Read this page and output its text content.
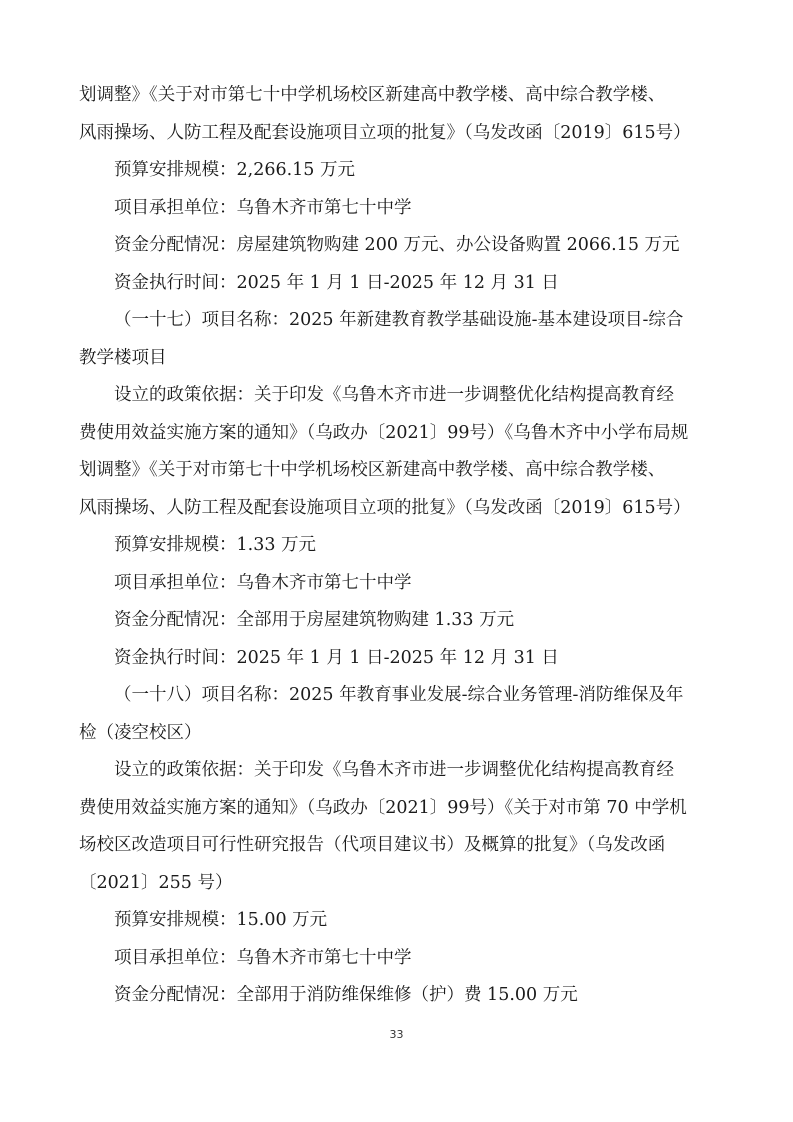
划调整》《关于对市第七十中学机场校区新建高中教学楼、高中综合教学楼、
风雨操场、人防工程及配套设施项目立项的批复》（乌发改函〔2019〕615号）
预算安排规模：2,266.15 万元
项目承担单位：乌鲁木齐市第七十中学
资金分配情况：房屋建筑物购建 200 万元、办公设备购置 2066.15 万元
资金执行时间：2025 年 1 月 1 日-2025 年 12 月 31 日
（一十七）项目名称：2025 年新建教育教学基础设施-基本建设项目-综合
教学楼项目
设立的政策依据：关于印发《乌鲁木齐市进一步调整优化结构提高教育经
费使用效益实施方案的通知》（乌政办〔2021〕99号）《乌鲁木齐中小学布局规
划调整》《关于对市第七十中学机场校区新建高中教学楼、高中综合教学楼、
风雨操场、人防工程及配套设施项目立项的批复》（乌发改函〔2019〕615号）
预算安排规模：1.33 万元
项目承担单位：乌鲁木齐市第七十中学
资金分配情况：全部用于房屋建筑物购建 1.33 万元
资金执行时间：2025 年 1 月 1 日-2025 年 12 月 31 日
（一十八）项目名称：2025 年教育事业发展-综合业务管理-消防维保及年
检（凌空校区）
设立的政策依据：关于印发《乌鲁木齐市进一步调整优化结构提高教育经
费使用效益实施方案的通知》（乌政办〔2021〕99号）《关于对市第 70 中学机
场校区改造项目可行性研究报告（代项目建议书）及概算的批复》（乌发改函
〔2021〕255 号）
预算安排规模：15.00 万元
项目承担单位：乌鲁木齐市第七十中学
资金分配情况：全部用于消防维保维修（护）费 15.00 万元
33
